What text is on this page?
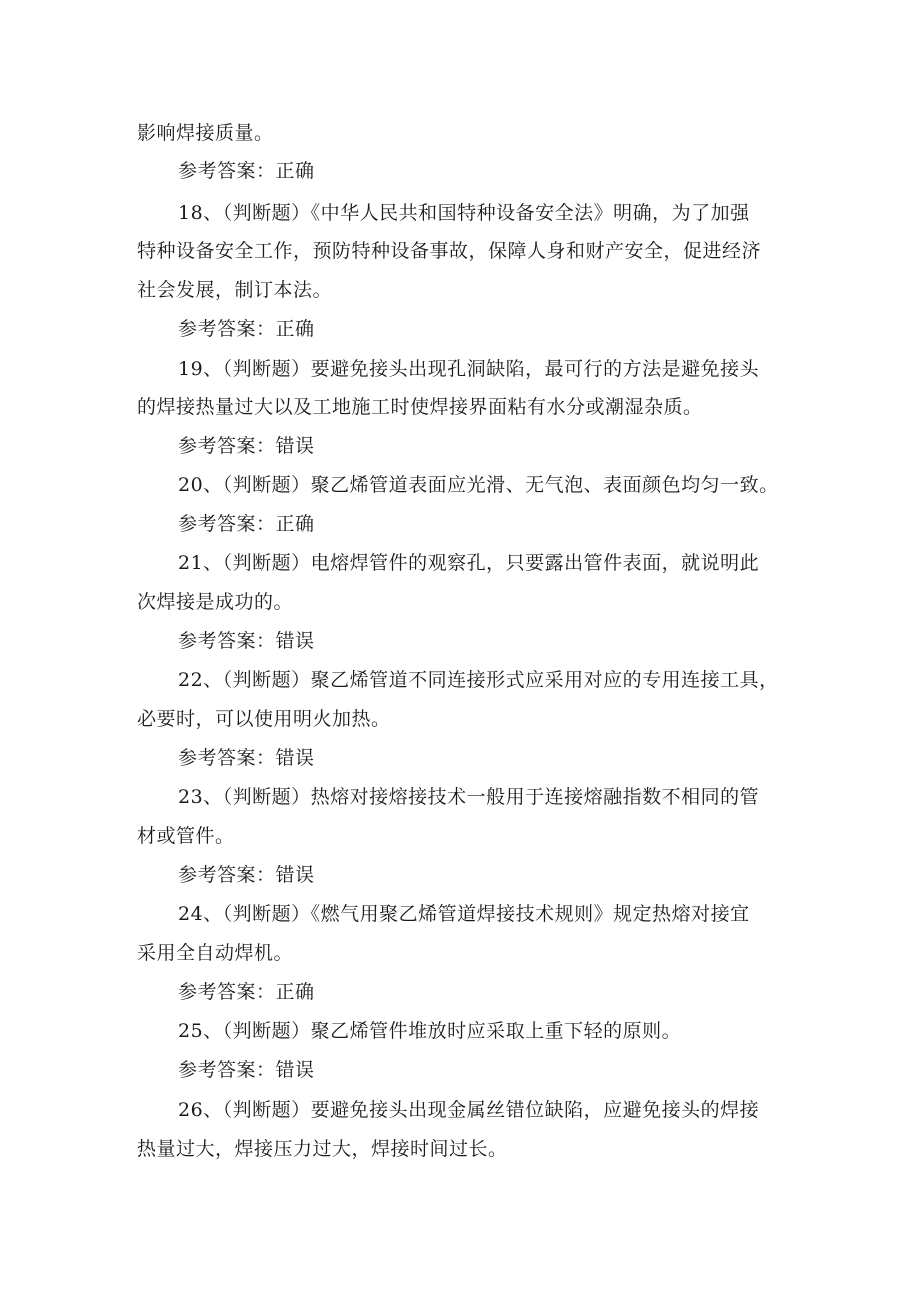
影响焊接质量。
参考答案：正确
18、（判断题）《中华人民共和国特种设备安全法》明确，为了加强
特种设备安全工作，预防特种设备事故，保障人身和财产安全，促进经济
社会发展，制订本法。
参考答案：正确
19、（判断题）要避免接头出现孔洞缺陷，最可行的方法是避免接头
的焊接热量过大以及工地施工时使焊接界面粘有水分或潮湿杂质。
参考答案：错误
20、（判断题）聚乙烯管道表面应光滑、无气泡、表面颜色均匀一致。
参考答案：正确
21、（判断题）电熔焊管件的观察孔，只要露出管件表面，就说明此
次焊接是成功的。
参考答案：错误
22、（判断题）聚乙烯管道不同连接形式应采用对应的专用连接工具，
必要时，可以使用明火加热。
参考答案：错误
23、（判断题）热熔对接熔接技术一般用于连接熔融指数不相同的管
材或管件。
参考答案：错误
24、（判断题）《燃气用聚乙烯管道焊接技术规则》规定热熔对接宜
采用全自动焊机。
参考答案：正确
25、（判断题）聚乙烯管件堆放时应采取上重下轻的原则。
参考答案：错误
26、（判断题）要避免接头出现金属丝错位缺陷，应避免接头的焊接
热量过大，焊接压力过大，焊接时间过长。
